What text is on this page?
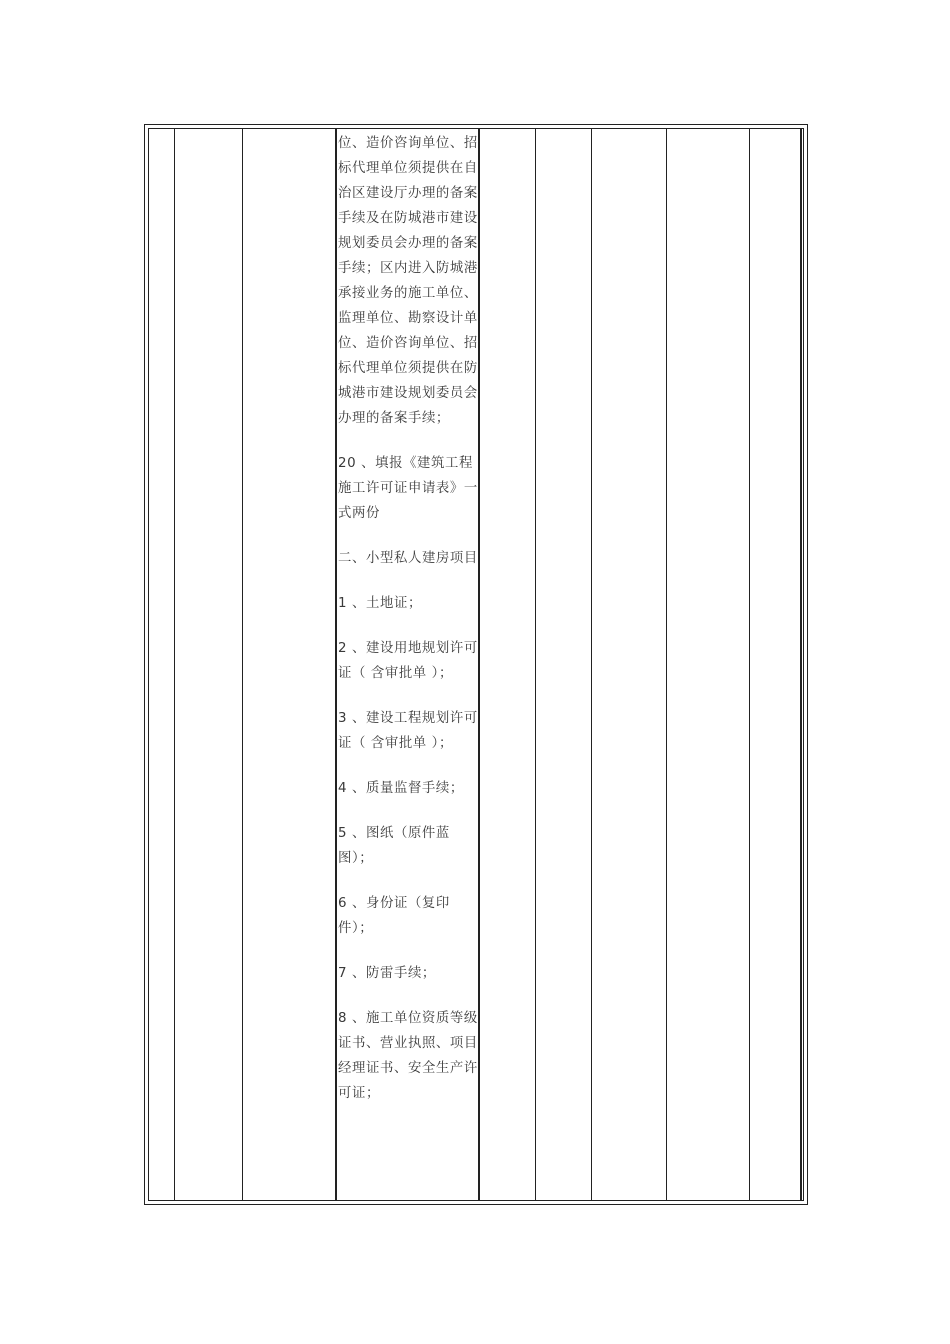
位、造价咨询单位、招标代理单位须提供在自治区建设厅办理的备案手续及在防城港市建设规划委员会办理的备案手续；区内进入防城港承接业务的施工单位、监理单位、勘察设计单位、造价咨询单位、招标代理单位须提供在防城港市建设规划委员会办理的备案手续；

20 、填报《建筑工程施工许可证申请表》一式两份

二、小型私人建房项目

1 、土地证；

2 、建设用地规划许可证（ 含审批单 ）；

3 、建设工程规划许可证（ 含审批单 ）；

4 、质量监督手续；

5 、图纸（原件蓝图）；

6 、身份证（复印件）；

7 、防雷手续；

8 、施工单位资质等级证书、营业执照、项目经理证书、安全生产许可证；
